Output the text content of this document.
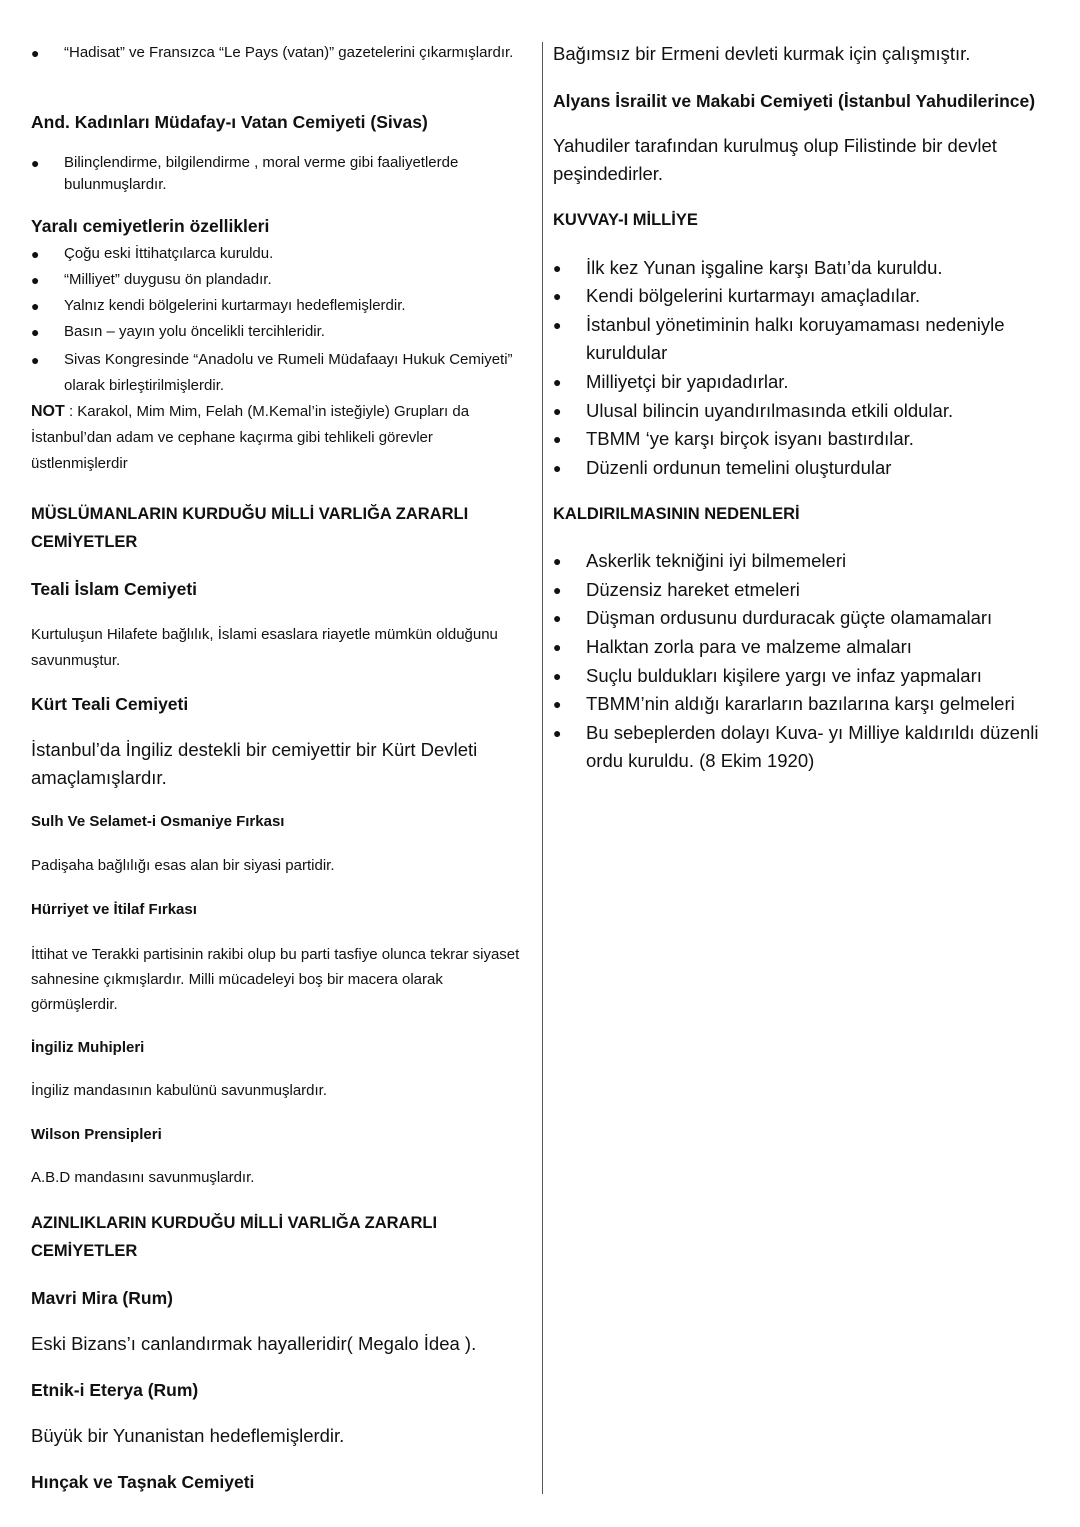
● “Hadisat” ve Fransızca “Le Pays (vatan)” gazetelerini çıkarmışlardır.
And. Kadınları Müdafay-ı Vatan Cemiyeti (Sivas)
● Bilinçlendirme, bilgilendirme , moral verme gibi faaliyetlerde bulunmuşlardır.
Yaralı cemiyetlerin özellikleri
● Çoğu eski İttihatçılarca kuruldu.
● “Milliyet” duygusu ön plandadır.
● Yalnız kendi bölgelerini kurtarmayı hedeflemişlerdir.
● Basın – yayın yolu öncelikli tercihleridir.
● Sivas Kongresinde “Anadolu ve Rumeli Müdafaayı Hukuk Cemiyeti” olarak birleştirilmişlerdir.
NOT : Karakol, Mim Mim, Felah (M.Kemal’in isteğiyle) Grupları da İstanbul’dan adam ve cephane kaçırma gibi tehlikeli görevler üstlenmişlerdir
MÜSLÜMANLARIN KURDUĞU MİLLİ VARLIĞA ZARARLI CEMİYETLER
Teali İslam Cemiyeti
Kurtuluşun Hilafete bağlılık, İslami esaslara riayetle mümkün olduğunu savunmuştur.
Kürt Teali Cemiyeti
İstanbul’da İngiliz destekli bir cemiyettir bir Kürt Devleti amaçlamışlardır.
Sulh Ve Selamet-i Osmaniye Fırkası
Padişaha bağlılığı esas alan bir siyasi partidir.
Hürriyet ve İtilaf Fırkası
İttihat ve Terakki partisinin rakibi olup bu parti tasfiye olunca tekrar siyaset sahnesine çıkmışlardır. Milli mücadeleyi boş bir macera olarak görmüşlerdir.
İngiliz Muhipleri
İngiliz mandasının kabulünü savunmuşlardır.
Wilson Prensipleri
A.B.D mandasını savunmuşlardır.
AZINLIKLARIN KURDUĞU MİLLİ VARLIĞA ZARARLI CEMİYETLER
Mavri Mira (Rum)
Eski Bizans’ı canlandırmak hayalleridir( Megalo İdea ).
Etnik-i Eterya (Rum)
Büyük bir Yunanistan hedeflemişlerdir.
Hınçak ve Taşnak Cemiyeti
Bağımsız bir Ermeni devleti kurmak için çalışmıştır.
Alyans İsrailit ve Makabi Cemiyeti (İstanbul Yahudilerince)
Yahudiler tarafından kurulmuş olup Filistinde bir devlet peşindedirler.
KUVVAY-I MİLLİYE
● İlk kez Yunan işgaline karşı Batı’da kuruldu.
● Kendi bölgelerini kurtarmayı amaçladılar.
● İstanbul yönetiminin halkı koruyamaması nedeniyle kuruldular
● Milliyetçi bir yapıdadırlar.
● Ulusal bilincin uyandırılmasında etkili oldular.
● TBMM ‘ye karşı birçok isyanı bastırdılar.
● Düzenli ordunun temelini oluşturdular
KALDIRILMASININ NEDENLERİ
● Askerlik tekniğini iyi bilmemeleri
● Düzensiz hareket etmeleri
● Düşman ordusunu durduracak güçte olamamaları
● Halktan zorla para ve malzeme almaları
● Suçlu buldukları kişilere yargı ve infaz yapmaları
● TBMM’nin aldığı kararların bazılarına karşı gelmeleri
● Bu sebeplerden dolayı Kuva- yı Milliye kaldırıldı düzenli ordu kuruldu. (8 Ekim 1920)
